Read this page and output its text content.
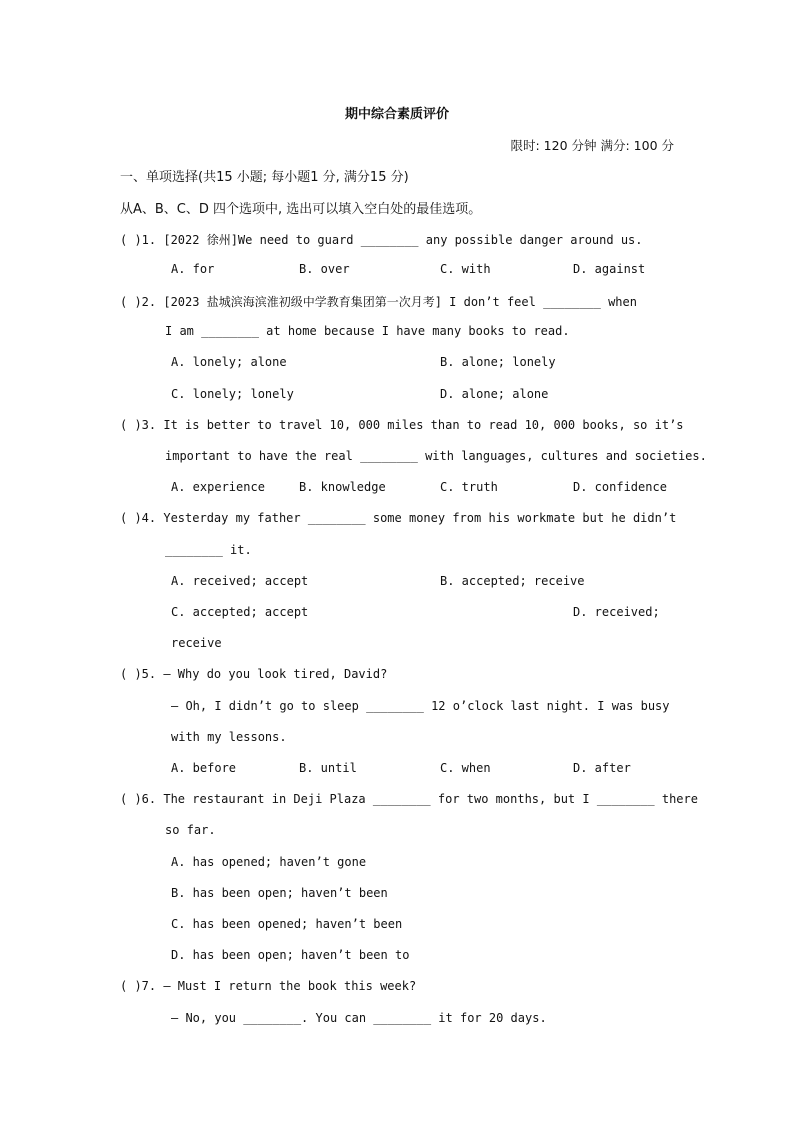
期中综合素质评价
限时: 120 分钟 满分: 100 分
一、单项选择(共15 小题; 每小题1 分, 满分15 分)
从A、B、C、D 四个选项中, 选出可以填入空白处的最佳选项。
( )1. [2022 徐州]We need to guard ________ any possible danger around us.
A. for	B. over	C. with	D. against
( )2. [2023 盐城滨海滨淮初级中学教育集团第一次月考] I don’t feel ________ when
I am ________ at home because I have many books to read.
A. lonely; alone	B. alone; lonely
C. lonely; lonely	D. alone; alone
( )3. It is better to travel 10, 000 miles than to read 10, 000 books, so it’s
important to have the real ________ with languages, cultures and societies.
A. experience	B. knowledge	C. truth	D. confidence
( )4. Yesterday my father ________ some money from his workmate but he didn’t
________ it.
A. received; accept	B. accepted; receive
C. accepted; accept	D. received;
receive
( )5. — Why do you look tired, David?
— Oh, I didn’t go to sleep ________ 12 o’clock last night. I was busy
with my lessons.
A. before	B. until	C. when	D. after
( )6. The restaurant in Deji Plaza ________ for two months, but I ________ there
so far.
A. has opened; haven’t gone
B. has been open; haven’t been
C. has been opened; haven’t been
D. has been open; haven’t been to
( )7. — Must I return the book this week?
— No, you ________. You can ________ it for 20 days.
